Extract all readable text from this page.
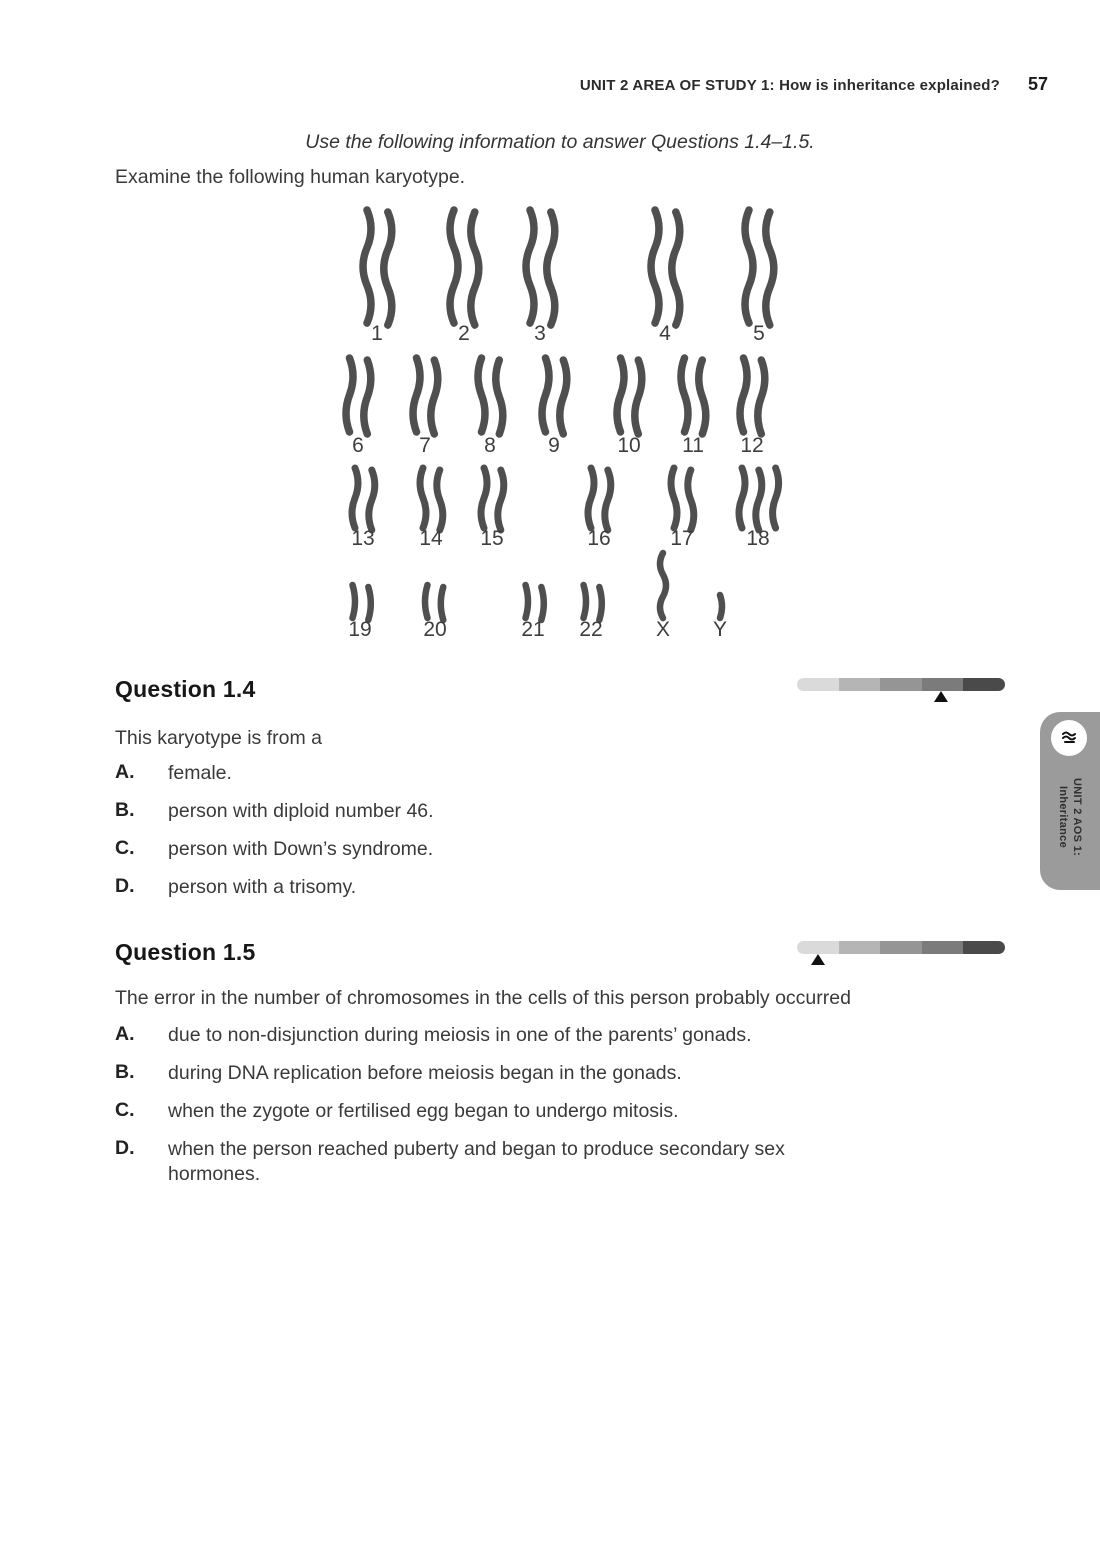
UNIT 2 AREA OF STUDY 1: How is inheritance explained? 57
Use the following information to answer Questions 1.4–1.5.
Examine the following human karyotype.
1	2	3	4	5
6	7	8 9	10 11 12
13 14 15	16	17	18
19 20	21 22	X Y
Question 1.4

This karyotype is from a

A.	female.
B.	person with diploid number 46.
C.	person with Down’s syndrome.
D.	person with a trisomy.
Question 1.5

The error in the number of chromosomes in the cells of this person probably occurred

A.	due to non-disjunction during meiosis in one of the parents’ gonads.
B.	during DNA replication before meiosis began in the gonads.
C.	when the zygote or fertilised egg began to undergo mitosis.
D.	when the person reached puberty and began to produce secondary sex hormones.
UNIT 2 AOS 1:
Inheritance
